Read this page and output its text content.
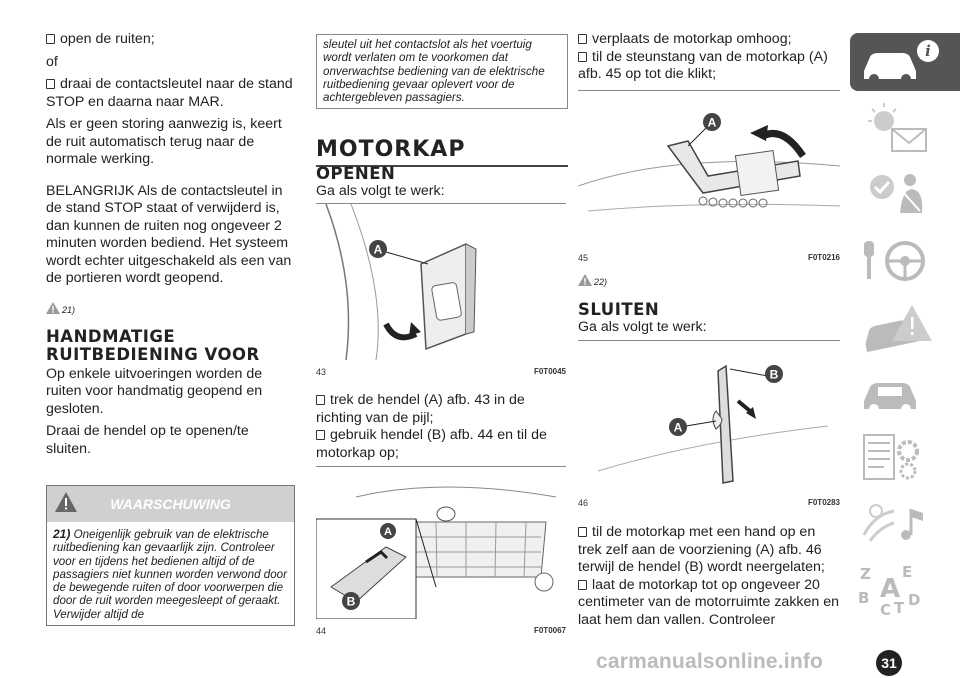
open de ruiten;

of

draai de contactsleutel naar de stand STOP en daarna naar MAR.

Als er geen storing aanwezig is, keert de ruit automatisch terug naar de normale werking.

BELANGRIJK Als de contactsleutel in de stand STOP staat of verwijderd is, dan kunnen de ruiten nog ongeveer 2 minuten worden bediend. Het systeem wordt echter uitgeschakeld als een van de portieren wordt geopend.

21)

HANDMATIGE
RUITBEDIENING VOOR

Op enkele uitvoeringen worden de ruiten voor handmatig geopend en gesloten.

Draai de hendel op te openen/te sluiten.

WAARSCHUWING
21) Oneigenlijk gebruik van de elektrische ruitbediening kan gevaarlijk zijn. Controleer voor en tijdens het bedienen altijd of de passagiers niet kunnen worden verwond door de bewegende ruiten of door voorwerpen die door de ruit worden meegesleept of geraakt. Verwijder altijd de

sleutel uit het contactslot als het voertuig wordt verlaten om te voorkomen dat onverwachtse bediening van de elektrische ruitbediening gevaar oplevert voor de achtergebleven passagiers.

MOTORKAP
OPENEN

Ga als volgt te werk:

A
43	F0T0045

trek de hendel (A) afb. 43 in de richting van de pijl;

gebruik hendel (B) afb. 44 en til de motorkap op;

B
A
44	F0T0067

verplaats de motorkap omhoog;

til de steunstang van de motorkap (A) afb. 45 op tot die klikt;

A
45	F0T0216
22)
SLUITEN

Ga als volgt te werk:

B
A
46	F0T0283

til de motorkap met een hand op en trek zelf aan de voorziening (A) afb. 46 terwijl de hendel (B) wordt neergelaten;

laat de motorkap tot op ongeveer 20 centimeter van de motorruimte zakken en laat hem dan vallen. Controleer

i
Z E
B
C T D
A
31
carmanualsonline.info
